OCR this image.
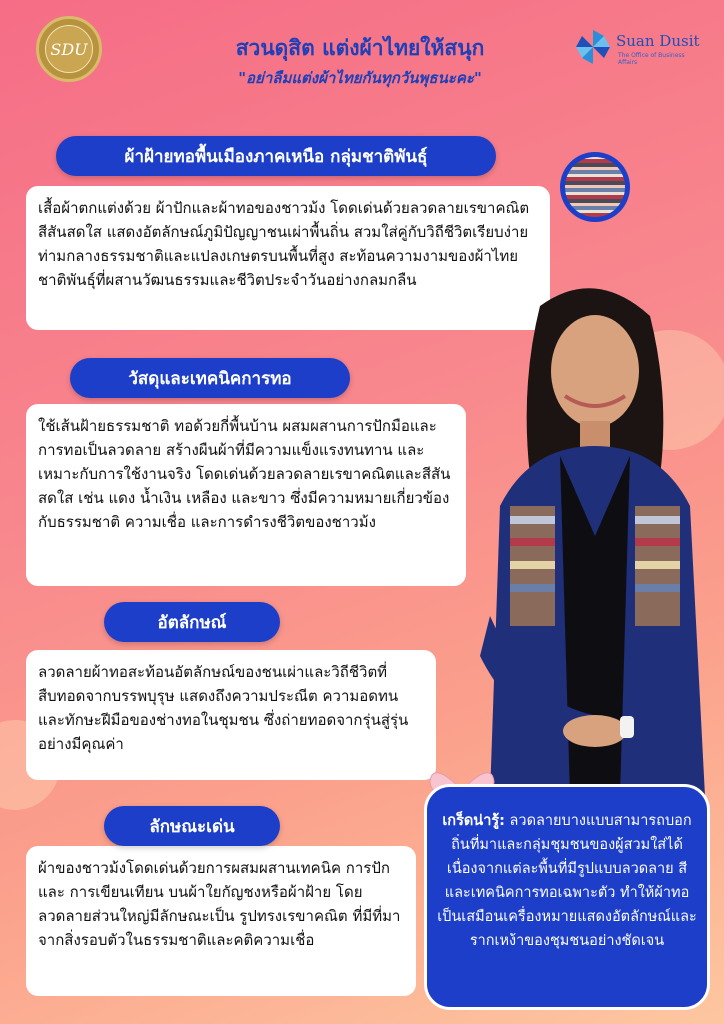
SDU	สวนดุสิต แต่งผ้าไทยให้สนุก
"อย่าลืมแต่งผ้าไทยกันทุกวันพุธนะคะ"
Suan Dusit
The Office of Business Affairs
เสื้อผ้าตกแต่งด้วย ผ้าปักและผ้าทอของชาวม้ง โดดเด่นด้วยลวดลายเรขาคณิตสีสันสดใส แสดงอัตลักษณ์ภูมิปัญญาชนเผ่าพื้นถิ่น สวมใส่คู่กับวิถีชีวิตเรียบง่ายท่ามกลางธรรมชาติและแปลงเกษตรบนพื้นที่สูง สะท้อนความงามของผ้าไทยชาติพันธุ์ที่ผสานวัฒนธรรมและชีวิตประจำวันอย่างกลมกลืน
ผ้าฝ้ายทอพื้นเมืองภาคเหนือ กลุ่มชาติพันธุ์
ใช้เส้นฝ้ายธรรมชาติ ทอด้วยกี่พื้นบ้าน ผสมผสานการปักมือและการทอเป็นลวดลาย สร้างผืนผ้าที่มีความแข็งแรงทนทาน และเหมาะกับการใช้งานจริง โดดเด่นด้วยลวดลายเรขาคณิตและสีสันสดใส เช่น แดง น้ำเงิน เหลือง และขาว ซึ่งมีความหมายเกี่ยวข้องกับธรรมชาติ ความเชื่อ และการดำรงชีวิตของชาวม้ง
วัสดุและเทคนิคการทอ
ลวดลายผ้าทอสะท้อนอัตลักษณ์ของชนเผ่าและวิถีชีวิตที่สืบทอดจากบรรพบุรุษ แสดงถึงความประณีต ความอดทน และทักษะฝีมือของช่างทอในชุมชน ซึ่งถ่ายทอดจากรุ่นสู่รุ่นอย่างมีคุณค่า
อัตลักษณ์
ผ้าของชาวม้งโดดเด่นด้วยการผสมผสานเทคนิค การปัก และ การเขียนเทียน บนผ้าใยกัญชงหรือผ้าฝ้าย โดยลวดลายส่วนใหญ่มีลักษณะเป็น รูปทรงเรขาคณิต ที่มีที่มาจากสิ่งรอบตัวในธรรมชาติและคติความเชื่อ
ลักษณะเด่น	เกร็ดน่ารู้: ลวดลายบางแบบสามารถบอกถิ่นที่มาและกลุ่มชุมชนของผู้สวมใส่ได้ เนื่องจากแต่ละพื้นที่มีรูปแบบลวดลาย สี และเทคนิคการทอเฉพาะตัว ทำให้ผ้าทอเป็นเสมือนเครื่องหมายแสดงอัตลักษณ์และรากเหง้าของชุมชนอย่างชัดเจน
